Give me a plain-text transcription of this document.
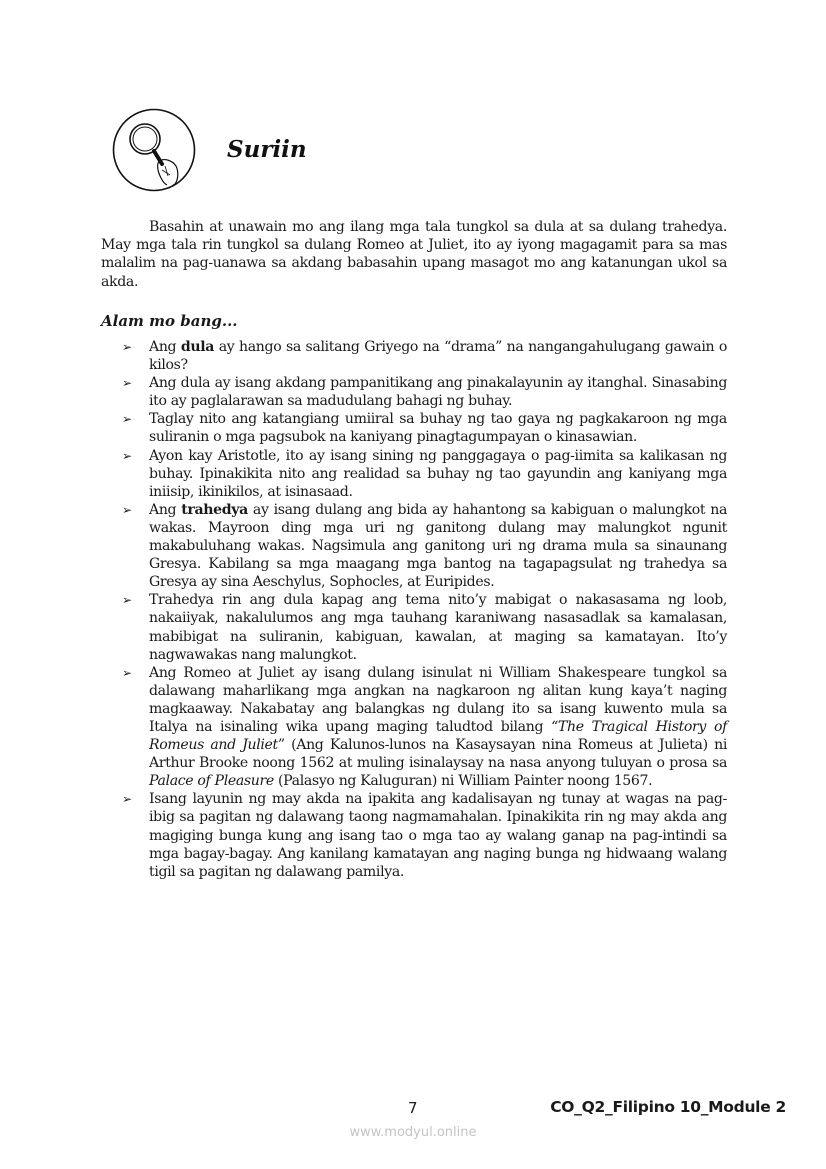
Suriin

Basahin at unawain mo ang ilang mga tala tungkol sa dula at sa dulang trahedya. May mga tala rin tungkol sa dulang Romeo at Juliet, ito ay iyong magagamit para sa mas malalim na pag-uanawa sa akdang babasahin upang masagot mo ang katanungan ukol sa akda.

Alam mo bang...
➢ Ang dula ay hango sa salitang Griyego na “drama” na nangangahulugang gawain o kilos?
➢ Ang dula ay isang akdang pampanitikang ang pinakalayunin ay itanghal. Sinasabing ito ay paglalarawan sa madudulang bahagi ng buhay.
➢ Taglay nito ang katangiang umiiral sa buhay ng tao gaya ng pagkakaroon ng mga suliranin o mga pagsubok na kaniyang pinagtagumpayan o kinasawian.
➢ Ayon kay Aristotle, ito ay isang sining ng panggagaya o pag-iimita sa kalikasan ng buhay. Ipinakikita nito ang realidad sa buhay ng tao gayundin ang kaniyang mga iniisip, ikinikilos, at isinasaad.
➢ Ang trahedya ay isang dulang ang bida ay hahantong sa kabiguan o malungkot na wakas. Mayroon ding mga uri ng ganitong dulang may malungkot ngunit makabuluhang wakas. Nagsimula ang ganitong uri ng drama mula sa sinaunang Gresya. Kabilang sa mga maagang mga bantog na tagapagsulat ng trahedya sa Gresya ay sina Aeschylus, Sophocles, at Euripides.
➢ Trahedya rin ang dula kapag ang tema nito’y mabigat o nakasasama ng loob, nakaiiyak, nakalulumos ang mga tauhang karaniwang nasasadlak sa kamalasan, mabibigat na suliranin, kabiguan, kawalan, at maging sa kamatayan. Ito’y nagwawakas nang malungkot.
➢ Ang Romeo at Juliet ay isang dulang isinulat ni William Shakespeare tungkol sa dalawang maharlikang mga angkan na nagkaroon ng alitan kung kaya’t naging magkaaway. Nakabatay ang balangkas ng dulang ito sa isang kuwento mula sa Italya na isinaling wika upang maging taludtod bilang “The Tragical History of Romeus and Juliet” (Ang Kalunos-lunos na Kasaysayan nina Romeus at Julieta) ni Arthur Brooke noong 1562 at muling isinalaysay na nasa anyong tuluyan o prosa sa Palace of Pleasure (Palasyo ng Kaluguran) ni William Painter noong 1567.
➢ Isang layunin ng may akda na ipakita ang kadalisayan ng tunay at wagas na pag-ibig sa pagitan ng dalawang taong nagmamahalan. Ipinakikita rin ng may akda ang magiging bunga kung ang isang tao o mga tao ay walang ganap na pag-intindi sa mga bagay-bagay. Ang kanilang kamatayan ang naging bunga ng hidwaang walang tigil sa pagitan ng dalawang pamilya.
7	CO_Q2_Filipino 10_Module 2
www.modyul.online
